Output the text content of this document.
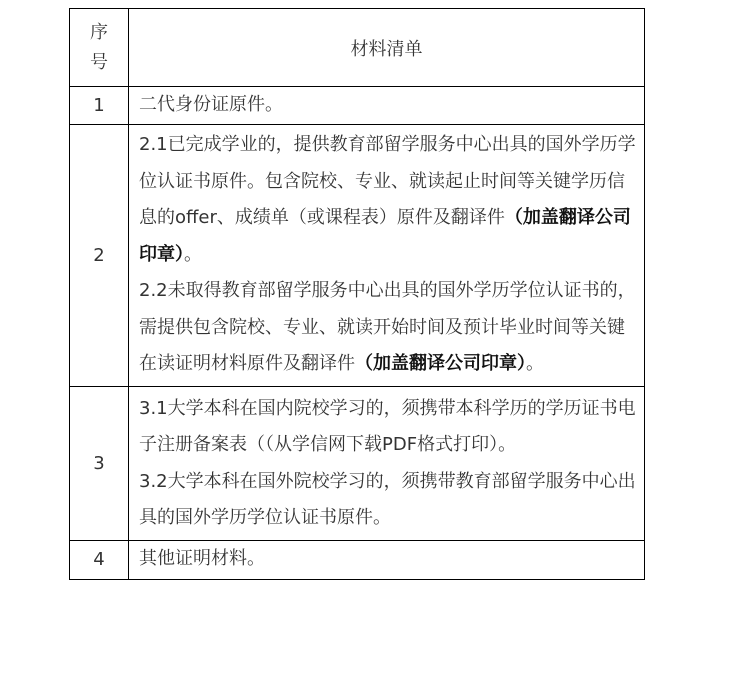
序
号	材料清单
1	二代身份证原件。
2	2.1已完成学业的，提供教育部留学服务中心出具的国外学历学位认证书原件。包含院校、专业、就读起止时间等关键学历信息的offer、成绩单（或课程表）原件及翻译件（加盖翻译公司印章）。

2.2未取得教育部留学服务中心出具的国外学历学位认证书的，需提供包含院校、专业、就读开始时间及预计毕业时间等关键在读证明材料原件及翻译件（加盖翻译公司印章）。

3	3.1大学本科在国内院校学习的，须携带本科学历的学历证书电子注册备案表（（从学信网下载PDF格式打印）。

3.2大学本科在国外院校学习的，须携带教育部留学服务中心出具的国外学历学位认证书原件。

4	其他证明材料。
